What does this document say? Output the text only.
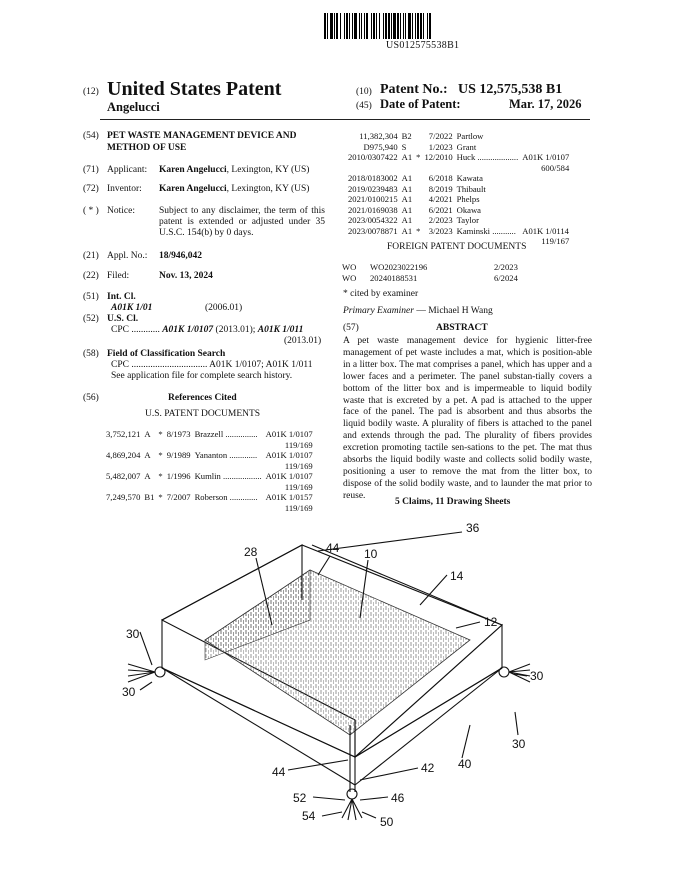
US012575538B1
(12) United States Patent
Angelucci
(10) Patent No.: US 12,575,538 B1
(45) Date of Patent:	Mar. 17, 2026
(54) PET WASTE MANAGEMENT DEVICE AND METHOD OF USE
(71) Applicant: Karen Angelucci, Lexington, KY (US)
(72) Inventor: Karen Angelucci, Lexington, KY (US)
( * ) Notice:	Subject to any disclaimer, the term of this patent is extended or adjusted under 35 U.S.C. 154(b) by 0 days.
(21) Appl. No.: 18/946,042
(22) Filed:	Nov. 13, 2024
(51) Int. Cl.
A01K 1/01	(2006.01)
(52) U.S. Cl.
CPC ............ A01K 1/0107 (2013.01); A01K 1/011
(2013.01)
(58) Field of Classification Search
CPC ................................ A01K 1/0107; A01K 1/011
See application file for complete search history.
(56)	References Cited
U.S. PATENT DOCUMENTS
3,752,121	A	*	8/1973	Brazzell ...............	A01K 1/0107
119/169					
4,869,204	A	*	9/1989	Yananton .............	A01K 1/0107
119/169					
5,482,007	A	*	1/1996	Kumlin ..................	A01K 1/0107
119/169					
7,249,570	B1	*	7/2007	Roberson .............	A01K 1/0157
119/169					
11,382,304	B2		7/2022	Partlow	
D975,940	S		1/2023	Grant	
2010/0307422	A1	*	12/2010	Huck ...................	A01K 1/0107
600/584					
2018/0183002	A1		6/2018	Kawata	
2019/0239483	A1		8/2019	Thibault	
2021/0100215	A1		4/2021	Phelps	
2021/0169038	A1		6/2021	Okawa	
2023/0054322	A1		2/2023	Taylor	
2023/0078871	A1	*	3/2023	Kaminski ...........	A01K 1/0114
119/167					
FOREIGN PATENT DOCUMENTS
WO	WO2023022196	2/2023
WO	20240188531	6/2024
* cited by examiner
Primary Examiner — Michael H Wang
(57)	ABSTRACT
A pet waste management device for hygienic litter-free management of pet waste includes a mat, which is position-able in a litter box. The mat comprises a panel, which has upper and a lower faces and a perimeter. The panel substan-tially covers a bottom of the litter box and is impermeable to liquid bodily waste that is excreted by a pet. A pad is attached to the upper face of the panel. The pad is absorbent and thus absorbs the liquid bodily waste. A plurality of fibers is attached to the panel and extends through the pad. The plurality of fibers provides excretion promoting tactile sen-sations to the pet. The mat thus absorbs the liquid bodily waste and collects solid bodily waste, positioning a user to remove the mat from the litter box, to dispose of the solid bodily waste, and to launder the mat prior to reuse.
5 Claims, 11 Drawing Sheets
36
44
28	10
14
12
30
30
30
30
40
44	42
52	46
54	50
